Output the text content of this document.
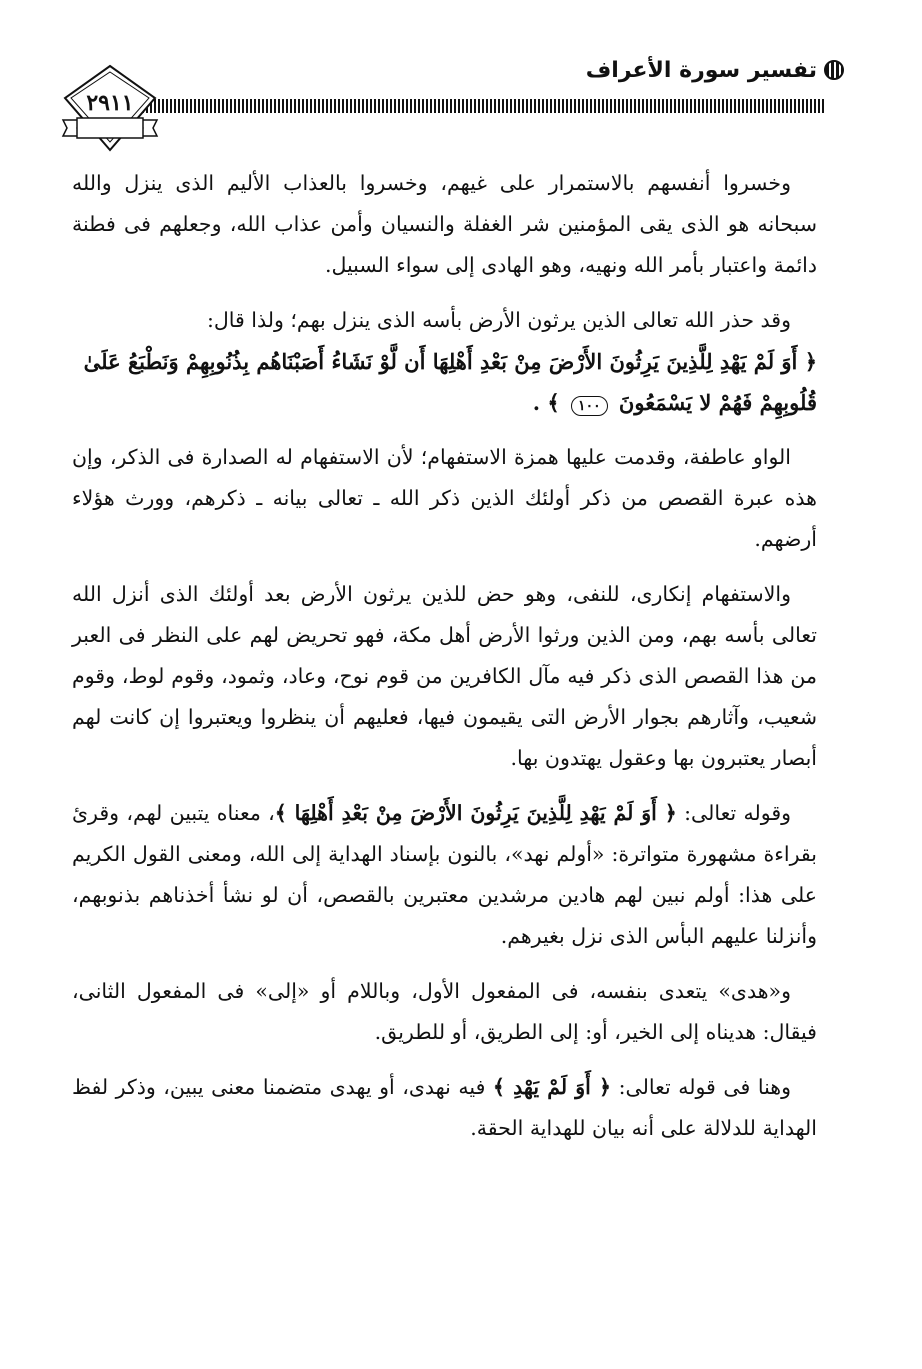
تفسير سورة الأعراف
٢٩١١

وخسروا أنفسهم بالاستمرار على غيهم، وخسروا بالعذاب الأليم الذى ينزل والله سبحانه هو الذى يقى المؤمنين شر الغفلة والنسيان وأمن عذاب الله، وجعلهم فى فطنة دائمة واعتبار بأمر الله ونهيه، وهو الهادى إلى سواء السبيل.

وقد حذر الله تعالى الذين يرثون الأرض بأسه الذى ينزل بهم؛ ولذا قال:

﴿ أَوَ لَمْ يَهْدِ لِلَّذِينَ يَرِثُونَ الأَرْضَ مِنْ بَعْدِ أَهْلِهَا أَن لَّوْ نَشَاءُ أَصَبْنَاهُم بِذُنُوبِهِمْ وَنَطْبَعُ عَلَىٰ

قُلُوبِهِمْ فَهُمْ لا يَسْمَعُونَ ١٠٠ ﴾ .

الواو عاطفة، وقدمت عليها همزة الاستفهام؛ لأن الاستفهام له الصدارة فى الذكر، وإن هذه عبرة القصص من ذكر أولئك الذين ذكر الله ـ تعالى بيانه ـ ذكرهم، وورث هؤلاء أرضهم.

والاستفهام إنكارى، للنفى، وهو حض للذين يرثون الأرض بعد أولئك الذى أنزل الله تعالى بأسه بهم، ومن الذين ورثوا الأرض أهل مكة، فهو تحريض لهم على النظر فى العبر من هذا القصص الذى ذكر فيه مآل الكافرين من قوم نوح، وعاد، وثمود، وقوم لوط، وقوم شعيب، وآثارهم بجوار الأرض التى يقيمون فيها، فعليهم أن ينظروا ويعتبروا إن كانت لهم أبصار يعتبرون بها وعقول يهتدون بها.

وقوله تعالى: ﴿ أَوَ لَمْ يَهْدِ لِلَّذِينَ يَرِثُونَ الأَرْضَ مِنْ بَعْدِ أَهْلِهَا ﴾، معناه يتبين لهم، وقرئ بقراءة مشهورة متواترة: «أولم نهد»، بالنون بإسناد الهداية إلى الله، ومعنى القول الكريم على هذا: أولم نبين لهم هادين مرشدين معتبرين بالقصص، أن لو نشأ أخذناهم بذنوبهم، وأنزلنا عليهم البأس الذى نزل بغيرهم.

و«هدى» يتعدى بنفسه، فى المفعول الأول، وباللام أو «إلى» فى المفعول الثانى، فيقال: هديناه إلى الخير، أو: إلى الطريق، أو للطريق.

وهنا فى قوله تعالى: ﴿ أَوَ لَمْ يَهْدِ ﴾ فيه نهدى، أو يهدى متضمنا معنى يبين، وذكر لفظ الهداية للدلالة على أنه بيان للهداية الحقة.
